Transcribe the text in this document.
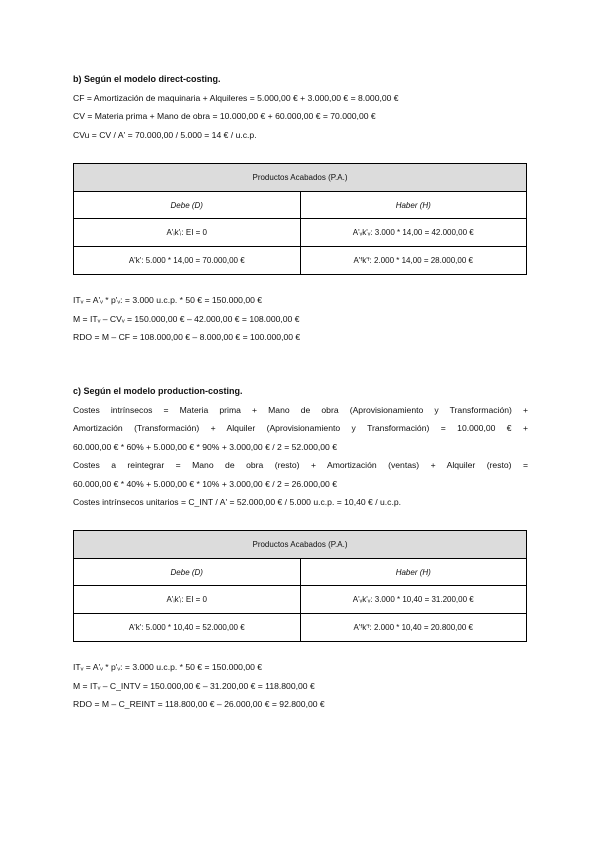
b) Según el modelo direct-costing.
CF = Amortización de maquinaria + Alquileres = 5.000,00 € + 3.000,00 € = 8.000,00 €
CV = Materia prima + Mano de obra = 10.000,00 € + 60.000,00 € = 70.000,00 €
CVu = CV / A' = 70.000,00 / 5.000 = 14 € / u.c.p.
Productos Acabados (P.A.)	
Debe (D)	Haber (H)
A'ᵢk'ᵢ: EI = 0	A'ᵥk'ᵥ: 3.000 * 14,00 = 42.000,00 €
A'k': 5.000 * 14,00 = 70.000,00 €	A'ᶠk'ᶠ: 2.000 * 14,00 = 28.000,00 €
ITᵥ = A'ᵥ * p'ᵥ: = 3.000 u.c.p. * 50 € = 150.000,00 €
M = ITᵥ – CVᵥ = 150.000,00 € – 42.000,00 € = 108.000,00 €
RDO = M – CF = 108.000,00 € – 8.000,00 € = 100.000,00 €
c) Según el modelo production-costing.
Costes intrínsecos = Materia prima + Mano de obra (Aprovisionamiento y Transformación) +
Amortización (Transformación) + Alquiler (Aprovisionamiento y Transformación) = 10.000,00 € +
60.000,00 € * 60% + 5.000,00 € * 90% + 3.000,00 € / 2 = 52.000,00 €
Costes a reintegrar = Mano de obra (resto) + Amortización (ventas) + Alquiler (resto) =
60.000,00 € * 40% + 5.000,00 € * 10% + 3.000,00 € / 2 = 26.000,00 €
Costes intrínsecos unitarios = C_INT / A' = 52.000,00 € / 5.000 u.c.p. = 10,40 € / u.c.p.
Productos Acabados (P.A.)	
Debe (D)	Haber (H)
A'ᵢk'ᵢ: EI = 0	A'ᵥk'ᵥ: 3.000 * 10,40 = 31.200,00 €
A'k': 5.000 * 10,40 = 52.000,00 €	A'ᶠk'ᶠ: 2.000 * 10,40 = 20.800,00 €
ITᵥ = A'ᵥ * p'ᵥ: = 3.000 u.c.p. * 50 € = 150.000,00 €
M = ITᵥ – C_INTV = 150.000,00 € – 31.200,00 € = 118.800,00 €
RDO = M – C_REINT = 118.800,00 € – 26.000,00 € = 92.800,00 €
